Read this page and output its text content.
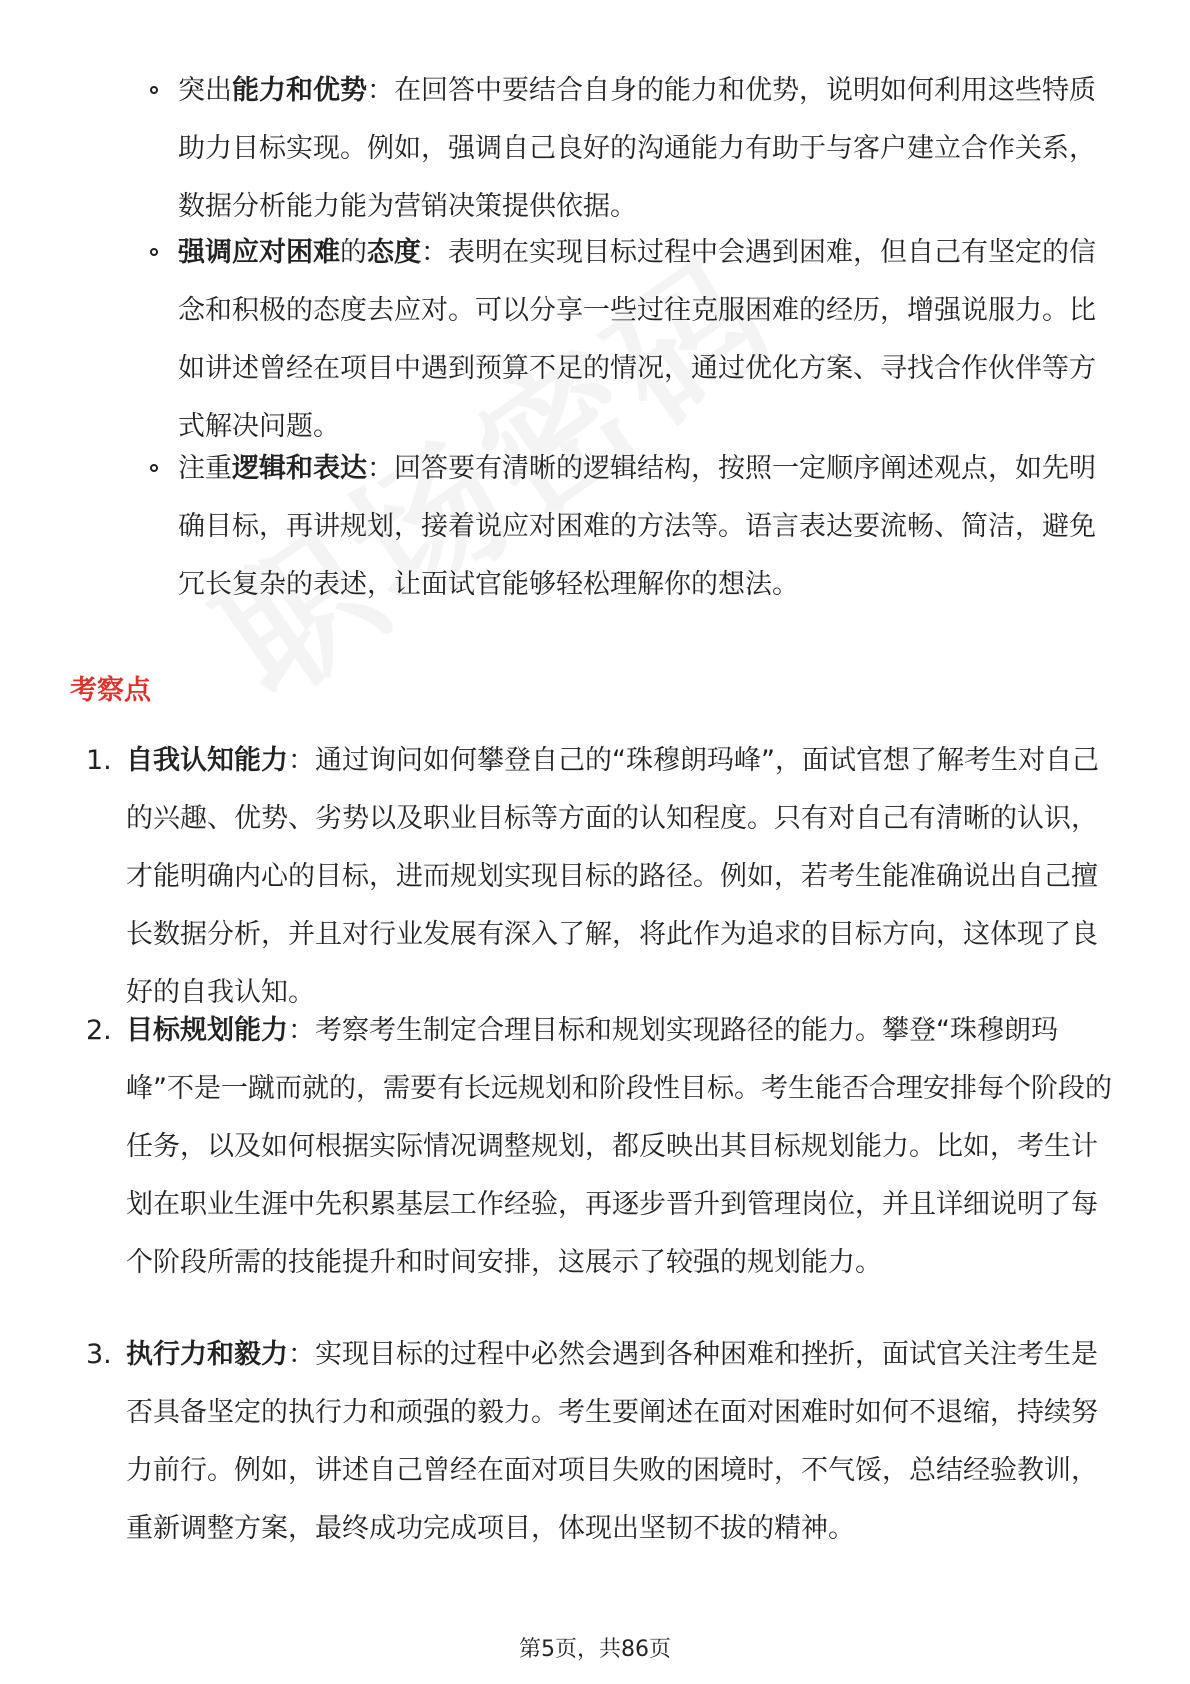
突出能力和优势：在回答中要结合自身的能力和优势，说明如何利用这些特质助力目标实现。例如，强调自己良好的沟通能力有助于与客户建立合作关系，数据分析能力能为营销决策提供依据。

强调应对困难的态度：表明在实现目标过程中会遇到困难，但自己有坚定的信念和积极的态度去应对。可以分享一些过往克服困难的经历，增强说服力。比如讲述曾经在项目中遇到预算不足的情况，通过优化方案、寻找合作伙伴等方式解决问题。

注重逻辑和表达：回答要有清晰的逻辑结构，按照一定顺序阐述观点，如先明确目标，再讲规划，接着说应对困难的方法等。语言表达要流畅、简洁，避免冗长复杂的表述，让面试官能够轻松理解你的想法。

考察点
1. 自我认知能力：通过询问如何攀登自己的“珠穆朗玛峰”，面试官想了解考生对自己的兴趣、优势、劣势以及职业目标等方面的认知程度。只有对自己有清晰的认识，才能明确内心的目标，进而规划实现目标的路径。例如，若考生能准确说出自己擅长数据分析，并且对行业发展有深入了解，将此作为追求的目标方向，这体现了良好的自我认知。

2. 目标规划能力：考察考生制定合理目标和规划实现路径的能力。攀登“珠穆朗玛峰”不是一蹴而就的，需要有长远规划和阶段性目标。考生能否合理安排每个阶段的任务，以及如何根据实际情况调整规划，都反映出其目标规划能力。比如，考生计划在职业生涯中先积累基层工作经验，再逐步晋升到管理岗位，并且详细说明了每个阶段所需的技能提升和时间安排，这展示了较强的规划能力。

3. 执行力和毅力：实现目标的过程中必然会遇到各种困难和挫折，面试官关注考生是否具备坚定的执行力和顽强的毅力。考生要阐述在面对困难时如何不退缩，持续努力前行。例如，讲述自己曾经在面对项目失败的困境时，不气馁，总结经验教训，重新调整方案，最终成功完成项目，体现出坚韧不拔的精神。

第5页，共86页
